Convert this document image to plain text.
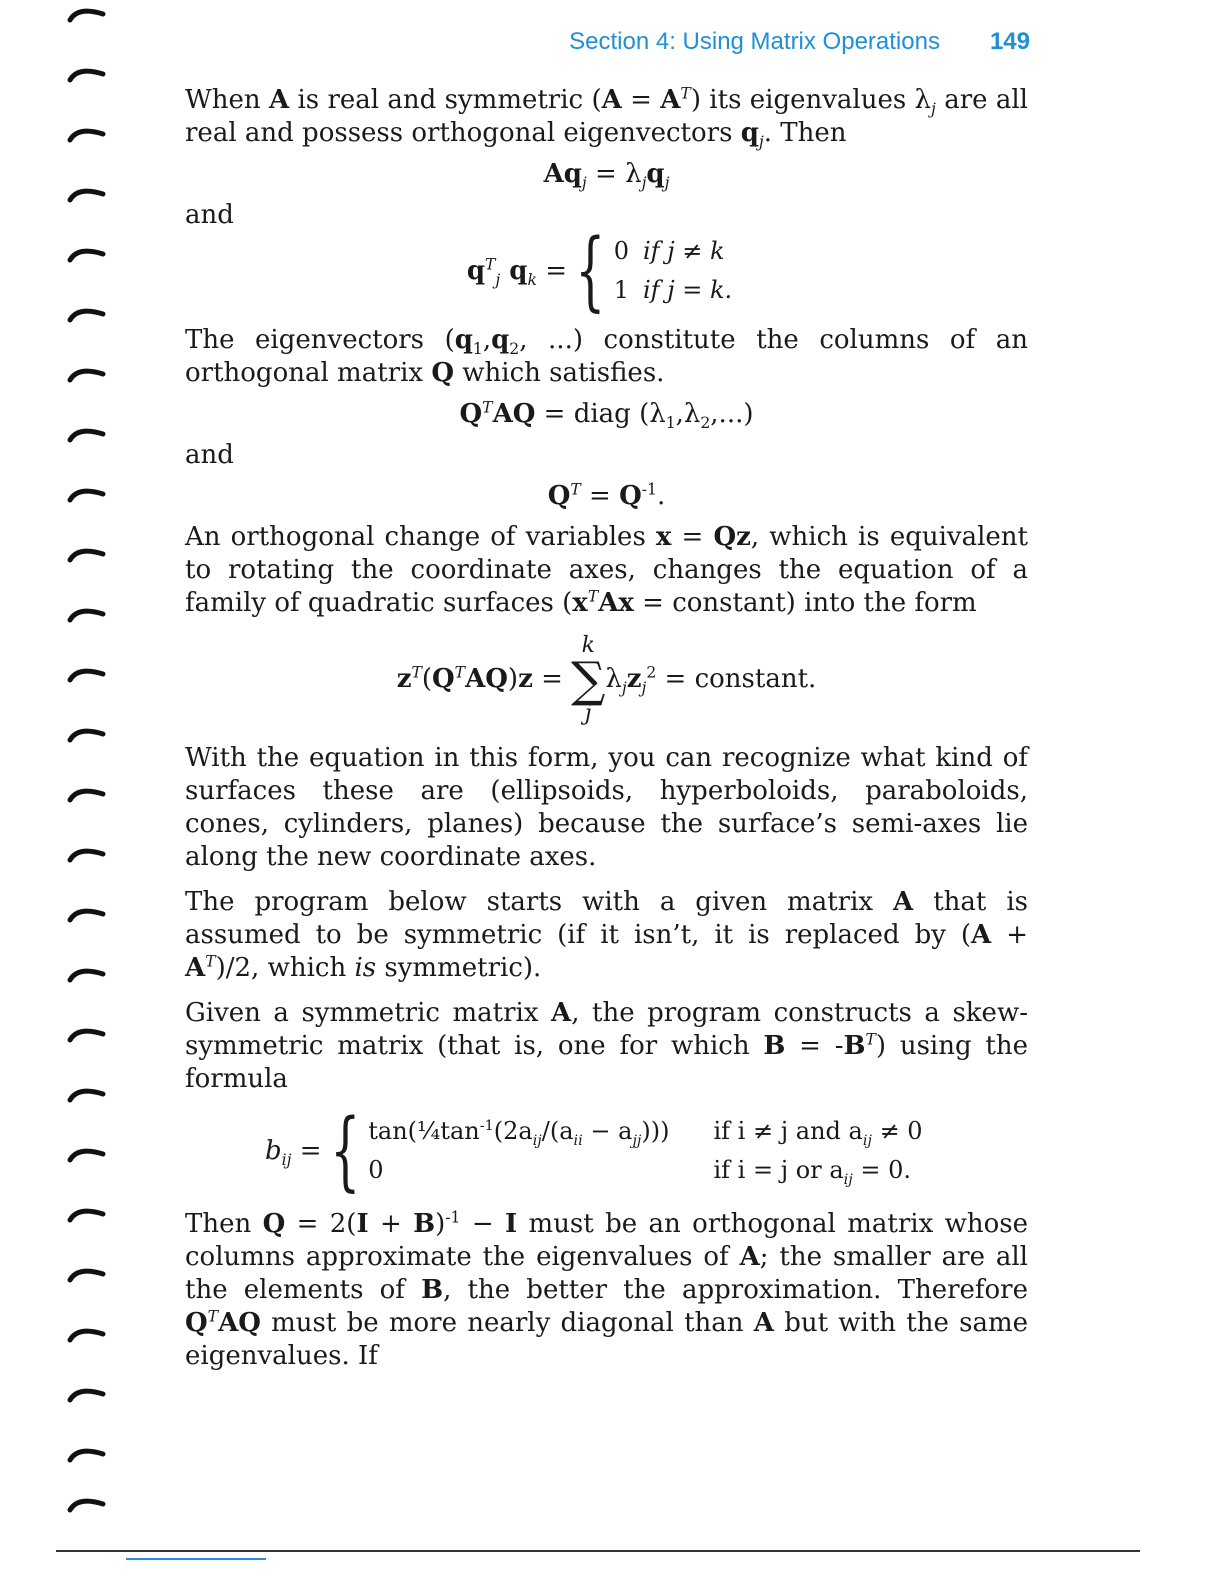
Section 4: Using Matrix Operations 149

When A is real and symmetric $(A = A^T)$ its eigenvalues $\lambda_j$ are all real and possess orthogonal eigenvectors $q_j$. Then

$Aq_j = \lambda_jq_j$

and

$q^T_j$ $q_k$ = { 0	if j ≠ k
1	if j = k.

The eigenvectors ($q_1,q_2$, ...) constitute the columns of an orthogonal matrix Q which satisfies.

$Q^TAQ$ = diag $(\lambda_1,\lambda_2,...)$

and

$Q^T = Q^{-1}$.

An orthogonal change of variables x = Qz, which is equivalent to rotating the coordinate axes, changes the equation of a family of quadratic surfaces ($x^TAx$ = constant) into the form

$z^T(Q^TAQ)z$ =
k
∑
j
$\lambda_jz_j^2$ = constant.

With the equation in this form, you can recognize what kind of surfaces these are (ellipsoids, hyperboloids, paraboloids, cones, cylinders, planes) because the surface’s semi-axes lie along the new coordinate axes.

The program below starts with a given matrix A that is assumed to be symmetric (if it isn’t, it is replaced by $(A + A^T)/2$, which is symmetric).

Given a symmetric matrix A, the program constructs a skew-symmetric matrix (that is, one for which $B = -B^T$) using the formula

$b_{ij}$ = { $\tan(\frac{1}{4}\tan^{-1}(2a_{ij}/(a_{ii} - a_{jj})))$	if i ≠ j and $a_{ij} \ne 0$
0	if i = j or $a_{ij} = 0$.

Then $Q = 2(I + B)^{-1} - I$ must be an orthogonal matrix whose columns approximate the eigenvalues of A; the smaller are all the elements of B, the better the approximation. Therefore $Q^TAQ$ must be more nearly diagonal than A but with the same eigenvalues. If
